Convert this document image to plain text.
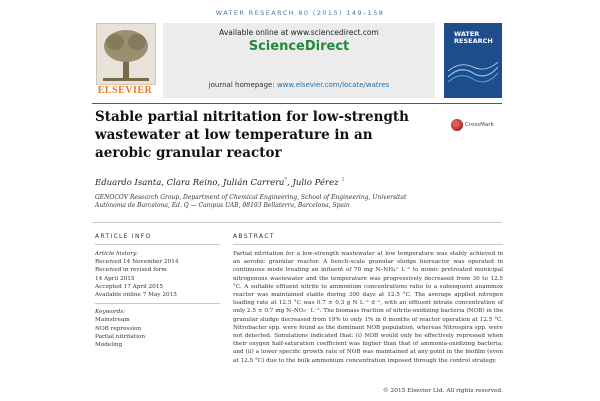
WATER RESEARCH 80 (2015) 149–158
ELSEVIER
Available online at www.sciencedirect.com
ScienceDirect
journal homepage: www.elsevier.com/locate/watres
WATER
RESEARCH
Stable partial nitritation for low-strength wastewater at low temperature in an aerobic granular reactor
CrossMark
Eduardo Isanta, Clara Reino, Julián Carrera*, Julio Pérez $^1$
GENOCOV Research Group, Department of Chemical Engineering, School of Engineering, Universitat Autònoma de Barcelona, Ed. Q — Campus UAB, 08193 Bellaterra, Barcelona, Spain
ARTICLE INFO	ABSTRACT
Article history:
Received 14 November 2014
Received in revised form
14 April 2015
Accepted 17 April 2015
Available online 7 May 2015
Keywords:
Mainstream
NOB repression
Partial nitritation
Modeling
Partial nitritation for a low-strength wastewater at low temperature was stably achieved in an aerobic granular reactor. A bench-scale granular sludge bioreactor was operated in continuous mode treating an influent of 70 mg N–NH₄⁺ L⁻¹ to mimic pretreated municipal nitrogenous wastewater and the temperature was progressively decreased from 30 to 12.5 °C. A suitable effluent nitrite to ammonium concentrations ratio to a subsequent anammox reactor was maintained stable during 300 days at 12.5 °C. The average applied nitrogen loading rate at 12.5 °C was 0.7 ± 0.3 g N L⁻¹ d⁻¹, with an effluent nitrate concentration of only 2.5 ± 0.7 mg N–NO₃⁻ L⁻¹. The biomass fraction of nitrite-oxidizing bacteria (NOB) in the granular sludge decreased from 19% to only 1% in 6 months of reactor operation at 12.5 °C. Nitrobacter spp. were found as the dominant NOB population, whereas Nitrospira spp. were not detected. Simulations indicated that: (i) NOB would only be effectively repressed when their oxygen half-saturation coefficient was higher than that of ammonia-oxidizing bacteria; and (ii) a lower specific growth rate of NOB was maintained at any point in the biofilm (even at 12.5 °C) due to the bulk ammonium concentration imposed through the control strategy.
© 2015 Elsevier Ltd. All rights reserved.
